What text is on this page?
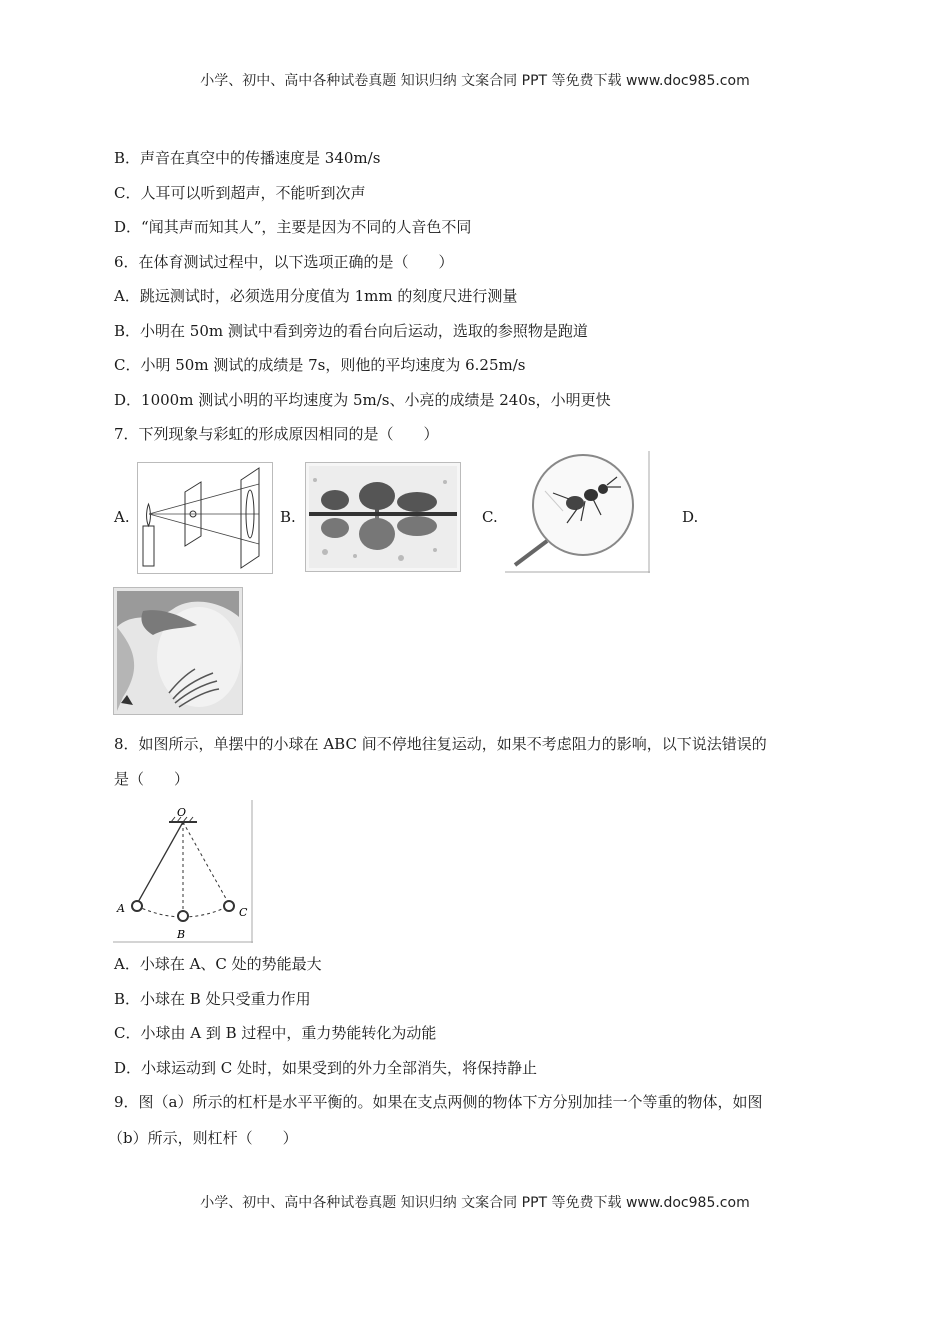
小学、初中、高中各种试卷真题 知识归纳 文案合同 PPT 等免费下载 www.doc985.com
B．声音在真空中的传播速度是 340m/s
C．人耳可以听到超声，不能听到次声
D．“闻其声而知其人”，主要是因为不同的人音色不同
6．在体育测试过程中，以下选项正确的是（　　）
A．跳远测试时，必须选用分度值为 1mm 的刻度尺进行测量
B．小明在 50m 测试中看到旁边的看台向后运动，选取的参照物是跑道
C．小明 50m 测试的成绩是 7s，则他的平均速度为 6.25m/s
D．1000m 测试小明的平均速度为 5m/s、小亮的成绩是 240s，小明更快
7．下列现象与彩虹的形成原因相同的是（　　）
A.	B.	C.	D.
8．如图所示，单摆中的小球在 ABC 间不停地往复运动，如果不考虑阻力的影响，以下说法错误的
是（　　）
O
A
B
C
A．小球在 A、C 处的势能最大
B．小球在 B 处只受重力作用
C．小球由 A 到 B 过程中，重力势能转化为动能
D．小球运动到 C 处时，如果受到的外力全部消失，将保持静止
9．图（a）所示的杠杆是水平平衡的。如果在支点两侧的物体下方分别加挂一个等重的物体，如图
（b）所示，则杠杆（　　）
小学、初中、高中各种试卷真题 知识归纳 文案合同 PPT 等免费下载 www.doc985.com
